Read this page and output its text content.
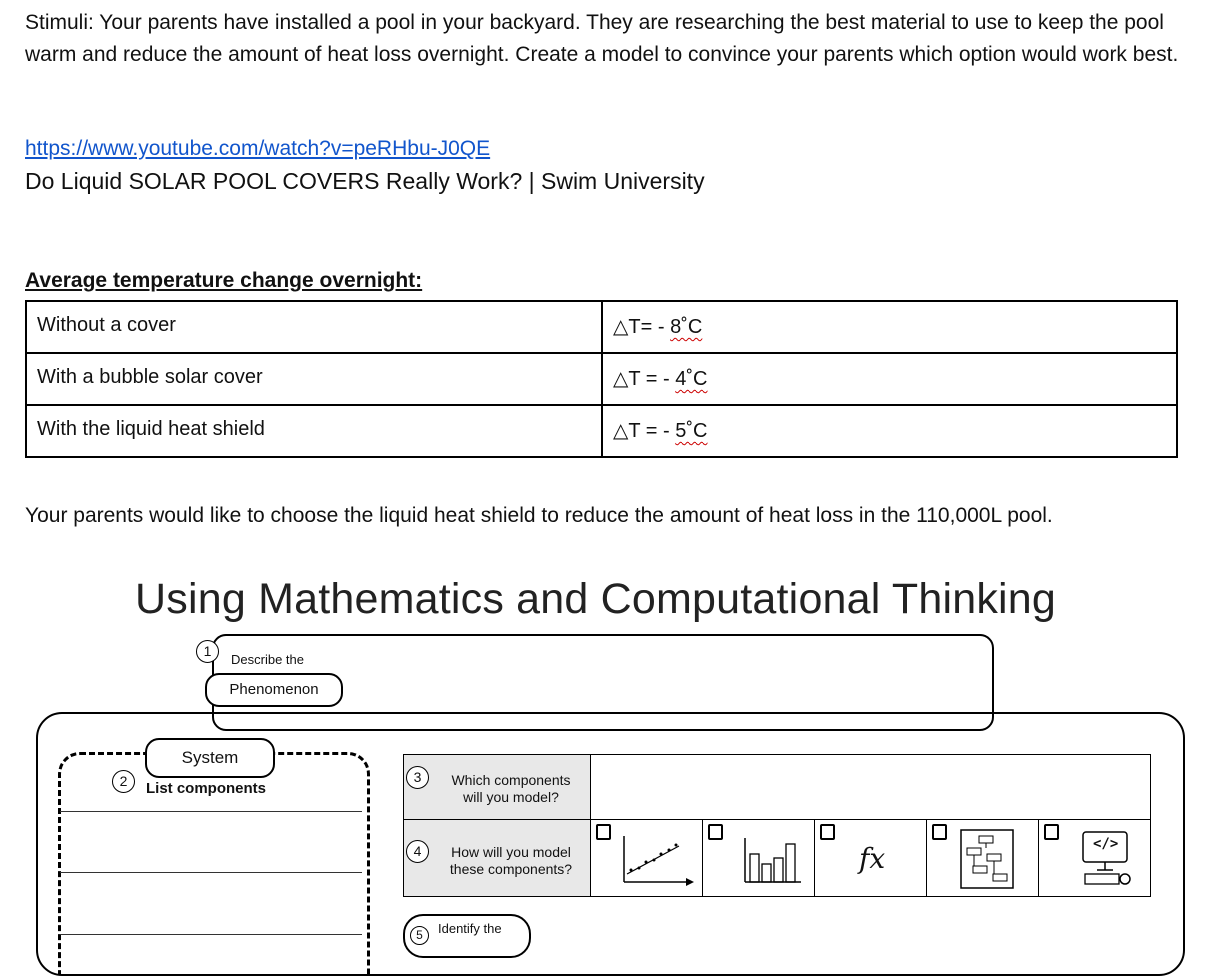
Stimuli: Your parents have installed a pool in your backyard. They are researching the best material to use to keep the pool warm and reduce the amount of heat loss overnight. Create a model to convince your parents which option would work best.

https://www.youtube.com/watch?v=peRHbu-J0QE
Do Liquid SOLAR POOL COVERS Really Work? | Swim University
Average temperature change overnight:
Without a cover	△T= - 8˚C
With a bubble solar cover	△T = - 4˚C
With the liquid heat shield	△T = - 5˚C
Your parents would like to choose the liquid heat shield to reduce the amount of heat loss in the 110,000L pool.
Using Mathematics and Computational Thinking
1
Describe the
Phenomenon
System
2	List components
3	Which components
will you model?
4	How will you model
these components?	fx	</>
5	Identify the
